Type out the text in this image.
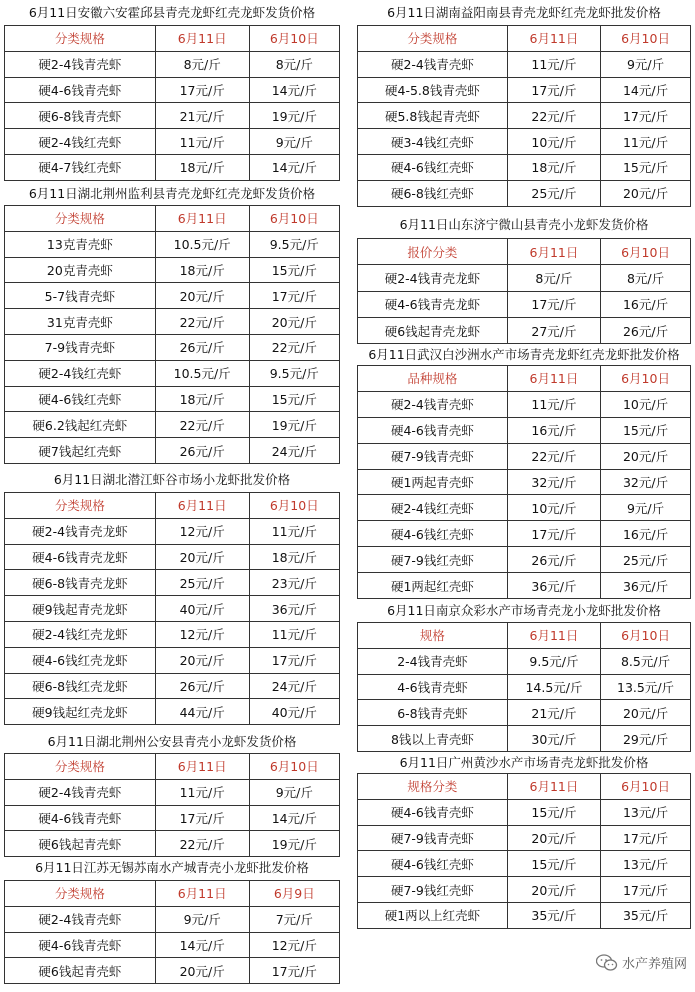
6月11日安徽六安霍邱县青壳龙虾红壳龙虾发货价格
分类规格	6月11日	6月10日
硬2-4钱青壳虾	8元/斤	8元/斤
硬4-6钱青壳虾	17元/斤	14元/斤
硬6-8钱青壳虾	21元/斤	19元/斤
硬2-4钱红壳虾	11元/斤	9元/斤
硬4-7钱红壳虾	18元/斤	14元/斤
6月11日湖北荆州监利县青壳龙虾红壳龙虾发货价格
分类规格	6月11日	6月10日
13克青壳虾	10.5元/斤	9.5元/斤
20克青壳虾	18元/斤	15元/斤
5-7钱青壳虾	20元/斤	17元/斤
31克青壳虾	22元/斤	20元/斤
7-9钱青壳虾	26元/斤	22元/斤
硬2-4钱红壳虾	10.5元/斤	9.5元/斤
硬4-6钱红壳虾	18元/斤	15元/斤
硬6.2钱起红壳虾	22元/斤	19元/斤
硬7钱起红壳虾	26元/斤	24元/斤
6月11日湖北潜江虾谷市场小龙虾批发价格
分类规格	6月11日	6月10日
硬2-4钱青壳龙虾	12元/斤	11元/斤
硬4-6钱青壳龙虾	20元/斤	18元/斤
硬6-8钱青壳龙虾	25元/斤	23元/斤
硬9钱起青壳龙虾	40元/斤	36元/斤
硬2-4钱红壳龙虾	12元/斤	11元/斤
硬4-6钱红壳龙虾	20元/斤	17元/斤
硬6-8钱红壳龙虾	26元/斤	24元/斤
硬9钱起红壳龙虾	44元/斤	40元/斤
6月11日湖北荆州公安县青壳小龙虾发货价格
分类规格	6月11日	6月10日
硬2-4钱青壳虾	11元/斤	9元/斤
硬4-6钱青壳虾	17元/斤	14元/斤
硬6钱起青壳虾	22元/斤	19元/斤
6月11日江苏无锡苏南水产城青壳小龙虾批发价格
分类规格	6月11日	6月9日
硬2-4钱青壳虾	9元/斤	7元/斤
硬4-6钱青壳虾	14元/斤	12元/斤
硬6钱起青壳虾	20元/斤	17元/斤
6月11日湖南益阳南县青壳龙虾红壳龙虾批发价格
分类规格	6月11日	6月10日
硬2-4钱青壳虾	11元/斤	9元/斤
硬4-5.8钱青壳虾	17元/斤	14元/斤
硬5.8钱起青壳虾	22元/斤	17元/斤
硬3-4钱红壳虾	10元/斤	11元/斤
硬4-6钱红壳虾	18元/斤	15元/斤
硬6-8钱红壳虾	25元/斤	20元/斤
6月11日山东济宁微山县青壳小龙虾发货价格
报价分类	6月11日	6月10日
硬2-4钱青壳龙虾	8元/斤	8元/斤
硬4-6钱青壳龙虾	17元/斤	16元/斤
硬6钱起青壳龙虾	27元/斤	26元/斤
6月11日武汉白沙洲水产市场青壳龙虾红壳龙虾批发价格
品种规格	6月11日	6月10日
硬2-4钱青壳虾	11元/斤	10元/斤
硬4-6钱青壳虾	16元/斤	15元/斤
硬7-9钱青壳虾	22元/斤	20元/斤
硬1两起青壳虾	32元/斤	32元/斤
硬2-4钱红壳虾	10元/斤	9元/斤
硬4-6钱红壳虾	17元/斤	16元/斤
硬7-9钱红壳虾	26元/斤	25元/斤
硬1两起红壳虾	36元/斤	36元/斤
6月11日南京众彩水产市场青壳龙小龙虾批发价格
规格	6月11日	6月10日
2-4钱青壳虾	9.5元/斤	8.5元/斤
4-6钱青壳虾	14.5元/斤	13.5元/斤
6-8钱青壳虾	21元/斤	20元/斤
8钱以上青壳虾	30元/斤	29元/斤
6月11日广州黄沙水产市场青壳龙虾批发价格
规格分类	6月11日	6月10日
硬4-6钱青壳虾	15元/斤	13元/斤
硬7-9钱青壳虾	20元/斤	17元/斤
硬4-6钱红壳虾	15元/斤	13元/斤
硬7-9钱红壳虾	20元/斤	17元/斤
硬1两以上红壳虾	35元/斤	35元/斤
水产养殖网
